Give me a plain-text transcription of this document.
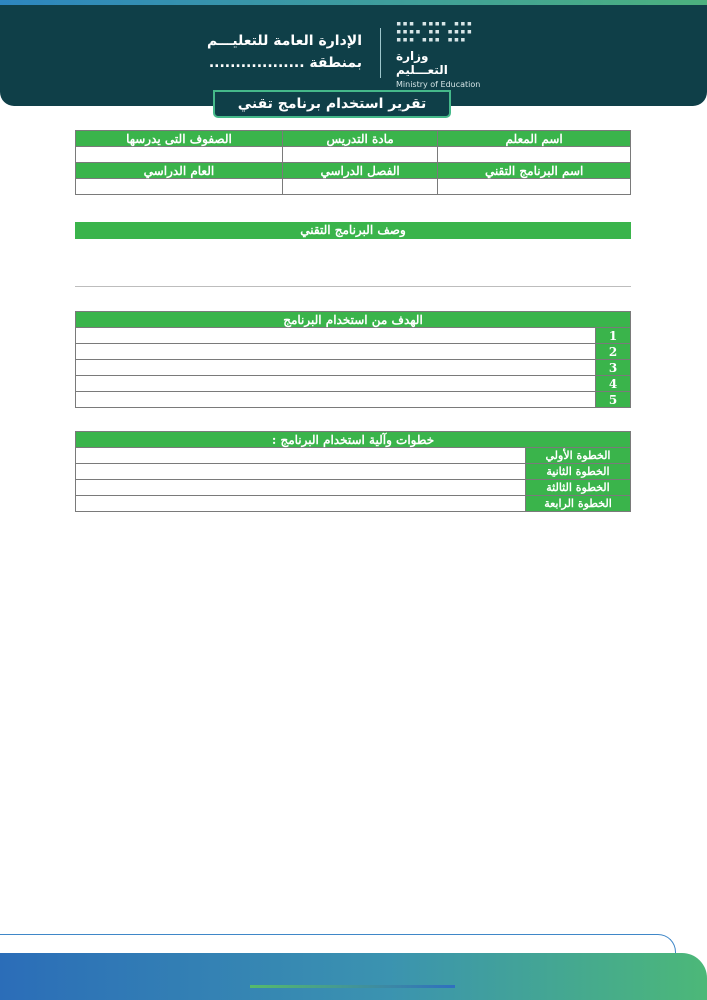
الإدارة العامة للتعليـــم
بمنطقة ..................
▪▪▪ ▪▪▪▪ ▪▪▪
▪▪▪▪ ▪▪ ▪▪▪▪
▪▪▪ ▪▪▪ ▪▪▪
وزارة التعـــليم
Ministry of Education
تقرير استخدام برنامج تقني
اسم المعلم	مادة التدريس	الصفوف التى يدرسها

اسم البرنامج التقني	الفصل الدراسي	العام الدراسي

وصف البرنامج التقني
الهدف من استخدام البرنامج	
1	
2	
3	
4	
5	
خطوات وآلية استخدام البرنامج :	
الخطوة الأولي	
الخطوة الثانية	
الخطوة الثالثة	
الخطوة الرابعة	
